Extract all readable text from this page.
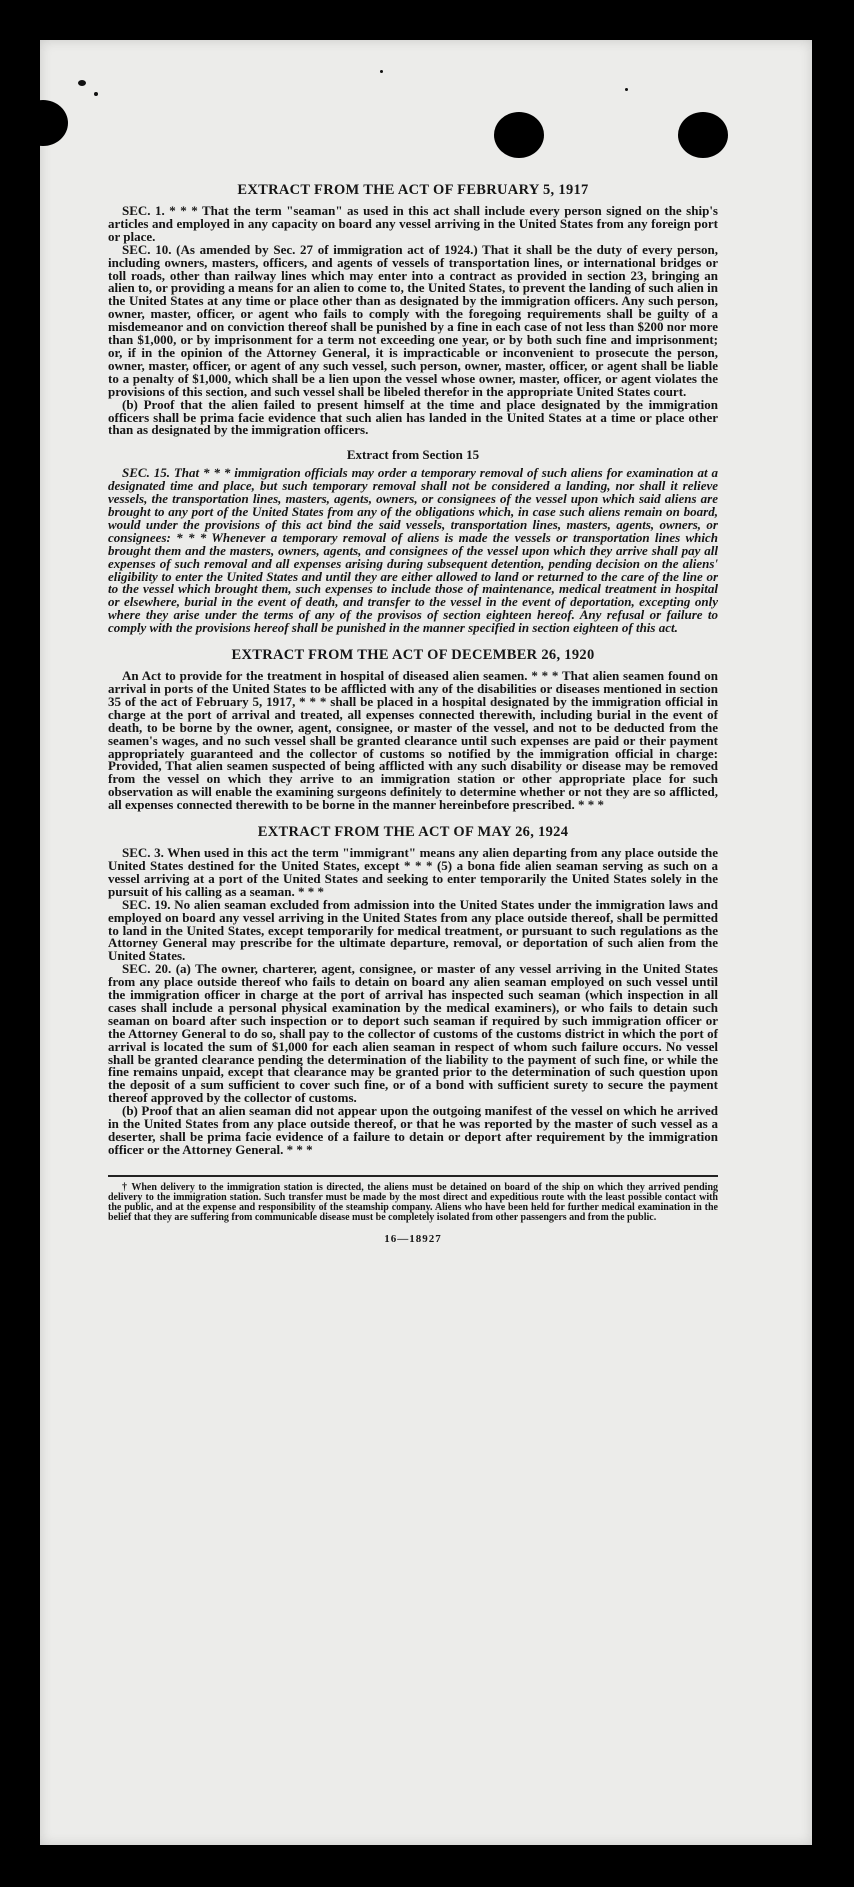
EXTRACT FROM THE ACT OF FEBRUARY 5, 1917

SEC. 1. * * * That the term "seaman" as used in this act shall include every person signed on the ship's articles and employed in any capacity on board any vessel arriving in the United States from any foreign port or place.

SEC. 10. (As amended by Sec. 27 of immigration act of 1924.) That it shall be the duty of every person, including owners, masters, officers, and agents of vessels of transportation lines, or international bridges or toll roads, other than railway lines which may enter into a contract as provided in section 23, bringing an alien to, or providing a means for an alien to come to, the United States, to prevent the landing of such alien in the United States at any time or place other than as designated by the immigration officers. Any such person, owner, master, officer, or agent who fails to comply with the foregoing requirements shall be guilty of a misdemeanor and on conviction thereof shall be punished by a fine in each case of not less than $200 nor more than $1,000, or by imprisonment for a term not exceeding one year, or by both such fine and imprisonment; or, if in the opinion of the Attorney General, it is impracticable or inconvenient to prosecute the person, owner, master, officer, or agent of any such vessel, such person, owner, master, officer, or agent shall be liable to a penalty of $1,000, which shall be a lien upon the vessel whose owner, master, officer, or agent violates the provisions of this section, and such vessel shall be libeled therefor in the appropriate United States court.

(b) Proof that the alien failed to present himself at the time and place designated by the immigration officers shall be prima facie evidence that such alien has landed in the United States at a time or place other than as designated by the immigration officers.

Extract from Section 15

SEC. 15. That * * * immigration officials may order a temporary removal of such aliens for examination at a designated time and place, but such temporary removal shall not be considered a landing, nor shall it relieve vessels, the transportation lines, masters, agents, owners, or consignees of the vessel upon which said aliens are brought to any port of the United States from any of the obligations which, in case such aliens remain on board, would under the provisions of this act bind the said vessels, transportation lines, masters, agents, owners, or consignees: * * * Whenever a temporary removal of aliens is made the vessels or transportation lines which brought them and the masters, owners, agents, and consignees of the vessel upon which they arrive shall pay all expenses of such removal and all expenses arising during subsequent detention, pending decision on the aliens' eligibility to enter the United States and until they are either allowed to land or returned to the care of the line or to the vessel which brought them, such expenses to include those of maintenance, medical treatment in hospital or elsewhere, burial in the event of death, and transfer to the vessel in the event of deportation, excepting only where they arise under the terms of any of the provisos of section eighteen hereof. Any refusal or failure to comply with the provisions hereof shall be punished in the manner specified in section eighteen of this act.

EXTRACT FROM THE ACT OF DECEMBER 26, 1920

An Act to provide for the treatment in hospital of diseased alien seamen. * * * That alien seamen found on arrival in ports of the United States to be afflicted with any of the disabilities or diseases mentioned in section 35 of the act of February 5, 1917, * * * shall be placed in a hospital designated by the immigration official in charge at the port of arrival and treated, all expenses connected therewith, including burial in the event of death, to be borne by the owner, agent, consignee, or master of the vessel, and not to be deducted from the seamen's wages, and no such vessel shall be granted clearance until such expenses are paid or their payment appropriately guaranteed and the collector of customs so notified by the immigration official in charge: Provided, That alien seamen suspected of being afflicted with any such disability or disease may be removed from the vessel on which they arrive to an immigration station or other appropriate place for such observation as will enable the examining surgeons definitely to determine whether or not they are so afflicted, all expenses connected therewith to be borne in the manner hereinbefore prescribed. * * *

EXTRACT FROM THE ACT OF MAY 26, 1924

SEC. 3. When used in this act the term "immigrant" means any alien departing from any place outside the United States destined for the United States, except * * * (5) a bona fide alien seaman serving as such on a vessel arriving at a port of the United States and seeking to enter temporarily the United States solely in the pursuit of his calling as a seaman. * * *

SEC. 19. No alien seaman excluded from admission into the United States under the immigration laws and employed on board any vessel arriving in the United States from any place outside thereof, shall be permitted to land in the United States, except temporarily for medical treatment, or pursuant to such regulations as the Attorney General may prescribe for the ultimate departure, removal, or deportation of such alien from the United States.

SEC. 20. (a) The owner, charterer, agent, consignee, or master of any vessel arriving in the United States from any place outside thereof who fails to detain on board any alien seaman employed on such vessel until the immigration officer in charge at the port of arrival has inspected such seaman (which inspection in all cases shall include a personal physical examination by the medical examiners), or who fails to detain such seaman on board after such inspection or to deport such seaman if required by such immigration officer or the Attorney General to do so, shall pay to the collector of customs of the customs district in which the port of arrival is located the sum of $1,000 for each alien seaman in respect of whom such failure occurs. No vessel shall be granted clearance pending the determination of the liability to the payment of such fine, or while the fine remains unpaid, except that clearance may be granted prior to the determination of such question upon the deposit of a sum sufficient to cover such fine, or of a bond with sufficient surety to secure the payment thereof approved by the collector of customs.

(b) Proof that an alien seaman did not appear upon the outgoing manifest of the vessel on which he arrived in the United States from any place outside thereof, or that he was reported by the master of such vessel as a deserter, shall be prima facie evidence of a failure to detain or deport after requirement by the immigration officer or the Attorney General. * * *

† When delivery to the immigration station is directed, the aliens must be detained on board of the ship on which they arrived pending delivery to the immigration station. Such transfer must be made by the most direct and expeditious route with the least possible contact with the public, and at the expense and responsibility of the steamship company. Aliens who have been held for further medical examination in the belief that they are suffering from communicable disease must be completely isolated from other passengers and from the public.

16—18927
